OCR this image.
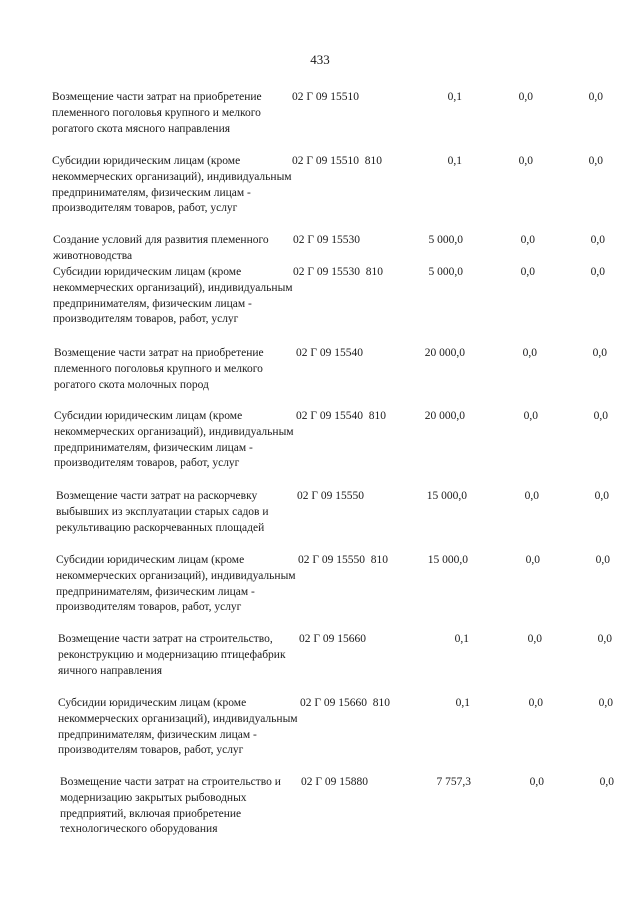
433
Возмещение части затрат на приобретение племенного поголовья крупного и мелкого рогатого скота мясного направления
02 Г 09 15510	0,1	0,0	0,0
Субсидии юридическим лицам (кроме некоммерческих организаций), индивидуальным предпринимателям, физическим лицам - производителям товаров, работ, услуг
02 Г 09 15510  810	0,1	0,0	0,0
Создание условий для развития племенного животноводства
02 Г 09 15530	5 000,0	0,0	0,0
Субсидии юридическим лицам (кроме некоммерческих организаций), индивидуальным предпринимателям, физическим лицам - производителям товаров, работ, услуг
02 Г 09 15530  810	5 000,0	0,0	0,0
Возмещение части затрат на приобретение племенного поголовья крупного и мелкого рогатого скота молочных пород
02 Г 09 15540	20 000,0	0,0	0,0
Субсидии юридическим лицам (кроме некоммерческих организаций), индивидуальным предпринимателям, физическим лицам - производителям товаров, работ, услуг
02 Г 09 15540  810	20 000,0	0,0	0,0
Возмещение части затрат на раскорчевку выбывших из эксплуатации старых садов и рекультивацию раскорчеванных площадей
02 Г 09 15550	15 000,0	0,0	0,0
Субсидии юридическим лицам (кроме некоммерческих организаций), индивидуальным предпринимателям, физическим лицам - производителям товаров, работ, услуг
02 Г 09 15550  810	15 000,0	0,0	0,0
Возмещение части затрат на строительство, реконструкцию и модернизацию птицефабрик яичного направления
02 Г 09 15660	0,1	0,0	0,0
Субсидии юридическим лицам (кроме некоммерческих организаций), индивидуальным предпринимателям, физическим лицам - производителям товаров, работ, услуг
02 Г 09 15660  810	0,1	0,0	0,0
Возмещение части затрат на строительство и модернизацию закрытых рыбоводных предприятий, включая приобретение технологического оборудования
02 Г 09 15880	7 757,3	0,0	0,0
